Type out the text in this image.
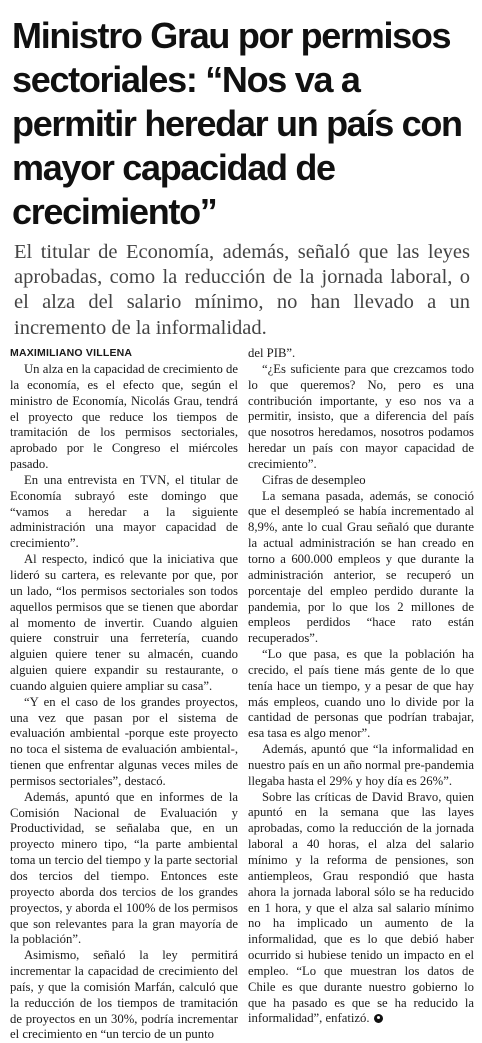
Ministro Grau por permisos sectoriales: “Nos va a permitir heredar un país con mayor capacidad de crecimiento”

El titular de Economía, además, señaló que las leyes aprobadas, como la reducción de la jornada laboral, o el alza del salario mínimo, no han llevado a un incremento de la informalidad.

MAXIMILIANO VILLENA

Un alza en la capacidad de crecimiento de la economía, es el efecto que, según el ministro de Economía, Nicolás Grau, tendrá el proyecto que reduce los tiempos de tramitación de los permisos sectoriales, aprobado por le Congreso el miércoles pasado.

En una entrevista en TVN, el titular de Economía subrayó este domingo que “vamos a heredar a la siguiente administración una mayor capacidad de crecimiento”.

Al respecto, indicó que la iniciativa que lideró su cartera, es relevante por que, por un lado, “los permisos sectoriales son todos aquellos permisos que se tienen que abordar al momento de invertir. Cuando alguien quiere construir una ferretería, cuando alguien quiere tener su almacén, cuando alguien quiere expandir su restaurante, o cuando alguien quiere ampliar su casa”.

“Y en el caso de los grandes proyectos, una vez que pasan por el sistema de evaluación ambiental -porque este proyecto no toca el sistema de evaluación ambiental-, tienen que enfrentar algunas veces miles de permisos sectoriales”, destacó.

Además, apuntó que en informes de la Comisión Nacional de Evaluación y Productividad, se señalaba que, en un proyecto minero tipo, “la parte ambiental toma un tercio del tiempo y la parte sectorial dos tercios del tiempo. Entonces este proyecto aborda dos tercios de los grandes proyectos, y aborda el 100% de los permisos que son relevantes para la gran mayoría de la población”.

Asimismo, señaló la ley permitirá incrementar la capacidad de crecimiento del país, y que la comisión Marfán, calculó que la reducción de los tiempos de tramitación de proyectos en un 30%, podría incrementar el crecimiento en “un tercio de un punto

del PIB”.

“¿Es suficiente para que crezcamos todo lo que queremos? No, pero es una contribución importante, y eso nos va a permitir, insisto, que a diferencia del país que nosotros heredamos, nosotros podamos heredar un país con mayor capacidad de crecimiento”.

Cifras de desempleo

La semana pasada, además, se conoció que el desempleó se había incrementado al 8,9%, ante lo cual Grau señaló que durante la actual administración se han creado en torno a 600.000 empleos y que durante la administración anterior, se recuperó un porcentaje del empleo perdido durante la pandemia, por lo que los 2 millones de empleos perdidos “hace rato están recuperados”.

“Lo que pasa, es que la población ha crecido, el país tiene más gente de lo que tenía hace un tiempo, y a pesar de que hay más empleos, cuando uno lo divide por la cantidad de personas que podrían trabajar, esa tasa es algo menor”.

Además, apuntó que “la informalidad en nuestro país en un año normal pre-pandemia llegaba hasta el 29% y hoy día es 26%”.

Sobre las críticas de David Bravo, quien apuntó en la semana que las layes aprobadas, como la reducción de la jornada laboral a 40 horas, el alza del salario mínimo y la reforma de pensiones, son antiempleos, Grau respondió que hasta ahora la jornada laboral sólo se ha reducido en 1 hora, y que el alza sal salario mínimo no ha implicado un aumento de la informalidad, que es lo que debió haber ocurrido si hubiese tenido un impacto en el empleo. “Lo que muestran los datos de Chile es que durante nuestro gobierno lo que ha pasado es que se ha reducido la informalidad”, enfatizó.
